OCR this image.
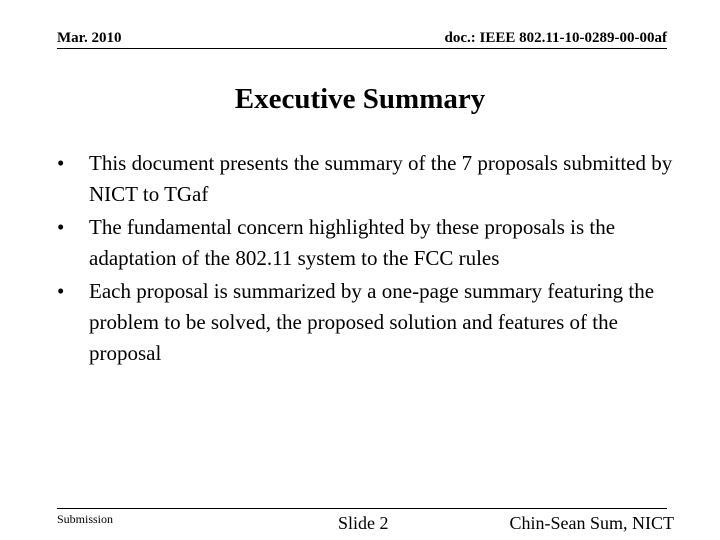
Mar. 2010	doc.: IEEE 802.11-10-0289-00-00af
Executive Summary
• This document presents the summary of the 7 proposals submitted by NICT to TGaf
• The fundamental concern highlighted by these proposals is the adaptation of the 802.11 system to the FCC rules
• Each proposal is summarized by a one-page summary featuring the problem to be solved, the proposed solution and features of the proposal
Submission	Slide 2	Chin-Sean Sum, NICT
